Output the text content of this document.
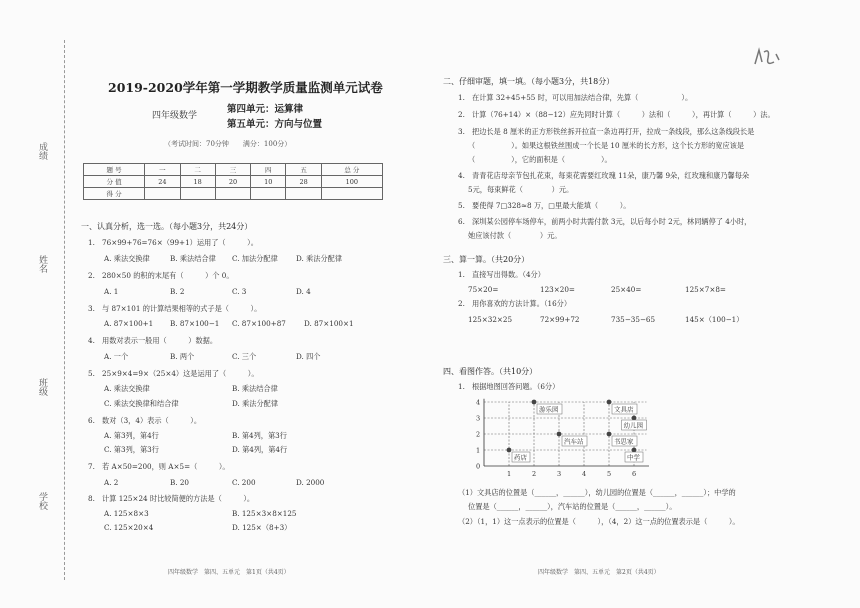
成绩
姓名
班级
学校
2019-2020学年第一学期教学质量监测单元试卷
四年级数学
第四单元：运算律
第五单元：方向与位置
（考试时间：70分钟　　满分：100分）
题 号	一	二	三	四	五	总 分
分 值	24	18	20	10	28	100
得 分						
一、认真分析，选一选。（每小题3分，共24分）
1.　76×99+76=76×（99+1）运用了（　　　）。
A. 乘法交换律	B. 乘法结合律 C. 加法分配律	D. 乘法分配律
2.　280×50 的积的末尾有（　　　）个 0。
A. 1	B. 2	C. 3	D. 4
3.　与 87×101 的计算结果相等的式子是（　　　）。
A. 87×100+1 B. 87×100−1 C. 87×100+87	D. 87×100×1
4.　用数对表示一般用（　　　）数据。
A. 一个	B. 两个	C. 三个	D. 四个
5.　25×9×4=9×（25×4）这是运用了（　　　）。
A. 乘法交换律	B. 乘法结合律
C. 乘法交换律和结合律	D. 乘法分配律
6.　数对（3，4）表示（　　　）。
A. 第3列，第4行	B. 第4列，第3行
C. 第3列，第3行	D. 第4列，第4行
7.　若 A×50=200，则 A×5=（　　　）。
A. 2	B. 20	C. 200	D. 2000
8.　计算 125×24 时比较简便的方法是（　　　）。
A. 125×8×3	B. 125×3×8×125
C. 125×20×4	D. 125×（8+3）
四年级数学　第四、五单元　第1页（共4页）
二、仔细审题，填一填。（每小题3分，共18分）
1.　在计算 32+45+55 时，可以用加法结合律，先算（　　　　　　）。
2.　计算（76+14）×（88−12）应先同时计算（　　　）法和（　　　），再计算（　　　）法。
3.　把边长是 8 厘米的正方形铁丝拆开拉直一条边再打开，拉成一条线段，那么这条线段长是
（　　　　　）。如果这根铁丝围成一个长是 10 厘米的长方形，这个长方形的宽应该是
（　　　　　），它的面积是（　　　　　）。
4.　青青花店母亲节包扎花束，每束花需要红玫瑰 11朵，康乃馨 9朵，红玫瑰和康乃馨每朵
5元，每束鲜花（　　　　）元。
5.　要使得 7□328≈8 万，□里最大能填（　　　）。
6.　深圳某公园停车场停车，前两小时共需付款 3元，以后每小时 2元，林同辆停了 4小时，
她应该付款（　　　　）元。
三、算一算。（共20分）
1.　直接写出得数。（4分）
75×20=	123×20=	25×40=	125×7×8=
2.　用你喜欢的方法计算。（16分）
125×32×25	72×99+72	735−35−65	145×（100−1）
四、看图作答。（共10分）
1.　根据地图回答问题。（6分）
0
1
2
3
4
1	2	3	4	5	6
游乐园	文具店
幼儿园
汽车站	书思家
药店	中学
（1）文具店的位置是（______，______），幼儿园的位置是（______，______）；中学的
位置是（______，______），汽车站的位置是（______，______）。
（2）（1，1）这一点表示的位置是（　　　），（4，2）这一点的位置表示是（　　　）。
四年级数学　第四、五单元　第2页（共4页）
